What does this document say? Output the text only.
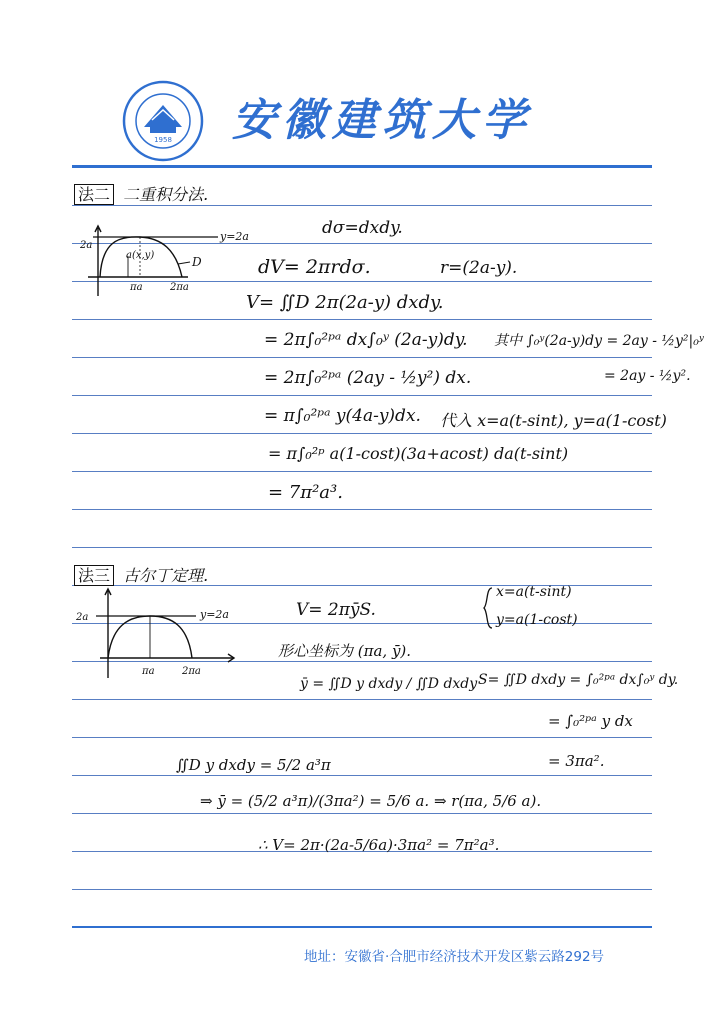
1958 安徽建筑大学
地址：安徽省·合肥市经济技术开发区紫云路292号
法二 二重积分法.
y=2a
2a
a(x,y)	D
πa	2πa
dσ=dxdy.
dV= 2πrdσ.	r=(2a-y).
V= ∬D 2π(2a-y) dxdy.
= 2π∫₀²ᵖᵃ dx∫₀ʸ (2a-y)dy. 其中 ∫₀ʸ(2a-y)dy = 2ay - ½y²|₀ʸ
= 2ay - ½y².
= 2π∫₀²ᵖᵃ (2ay - ½y²) dx.
= π∫₀²ᵖᵃ y(4a-y)dx. 代入 x=a(t-sint), y=a(1-cost)
= π∫₀²ᵖ a(1-cost)(3a+acost) da(t-sint)
= 7π²a³.
法三 古尔丁定理.
y=2a
2a
πa	2πa
V= 2πȳS.
x=a(t-sint)
y=a(1-cost)
形心坐标为 (πa, ȳ).
ȳ = ∬D y dxdy / ∬D dxdy S= ∬D dxdy = ∫₀²ᵖᵃ dx∫₀ʸ dy.
= ∫₀²ᵖᵃ y dx
= 3πa².
∬D y dxdy = 5/2 a³π
⇒ ȳ = (5/2 a³π)/(3πa²) = 5/6 a. ⇒ r(πa, 5/6 a).
∴ V= 2π·(2a-5/6a)·3πa² = 7π²a³.
